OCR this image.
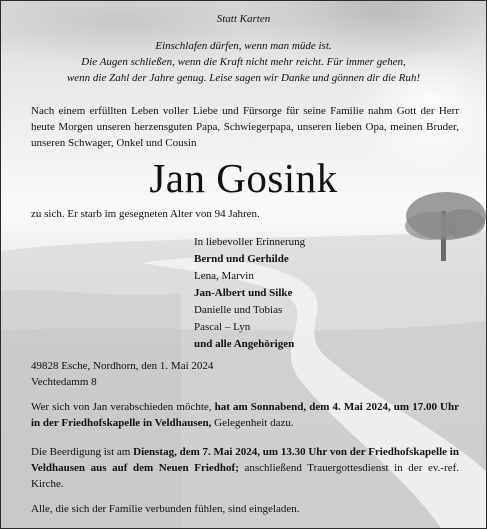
Statt Karten
Einschlafen dürfen, wenn man müde ist.
Die Augen schließen, wenn die Kraft nicht mehr reicht. Für immer gehen,
wenn die Zahl der Jahre genug. Leise sagen wir Danke und gönnen dir die Ruh!
Nach einem erfüllten Leben voller Liebe und Fürsorge für seine Familie nahm Gott der Herr heute Morgen unseren herzensguten Papa, Schwiegerpapa, unseren lieben Opa, meinen Bruder, unseren Schwager, Onkel und Cousin
Jan Gosink
zu sich. Er starb im gesegneten Alter von 94 Jahren.
In liebevoller Erinnerung
Bernd und Gerhilde
Lena, Marvin
Jan-Albert und Silke
Danielle und Tobias
Pascal – Lyn
und alle Angehörigen
49828 Esche, Nordhorn, den 1. Mai 2024
Vechtedamm 8
Wer sich von Jan verabschieden möchte, hat am Sonnabend, dem 4. Mai 2024, um 17.00 Uhr in der Friedhofskapelle in Veldhausen, Gelegenheit dazu.
Die Beerdigung ist am Dienstag, dem 7. Mai 2024, um 13.30 Uhr von der Friedhofskapelle in Veldhausen aus auf dem Neuen Friedhof; anschließend Trauergottesdienst in der ev.-ref. Kirche.
Alle, die sich der Familie verbunden fühlen, sind eingeladen.
